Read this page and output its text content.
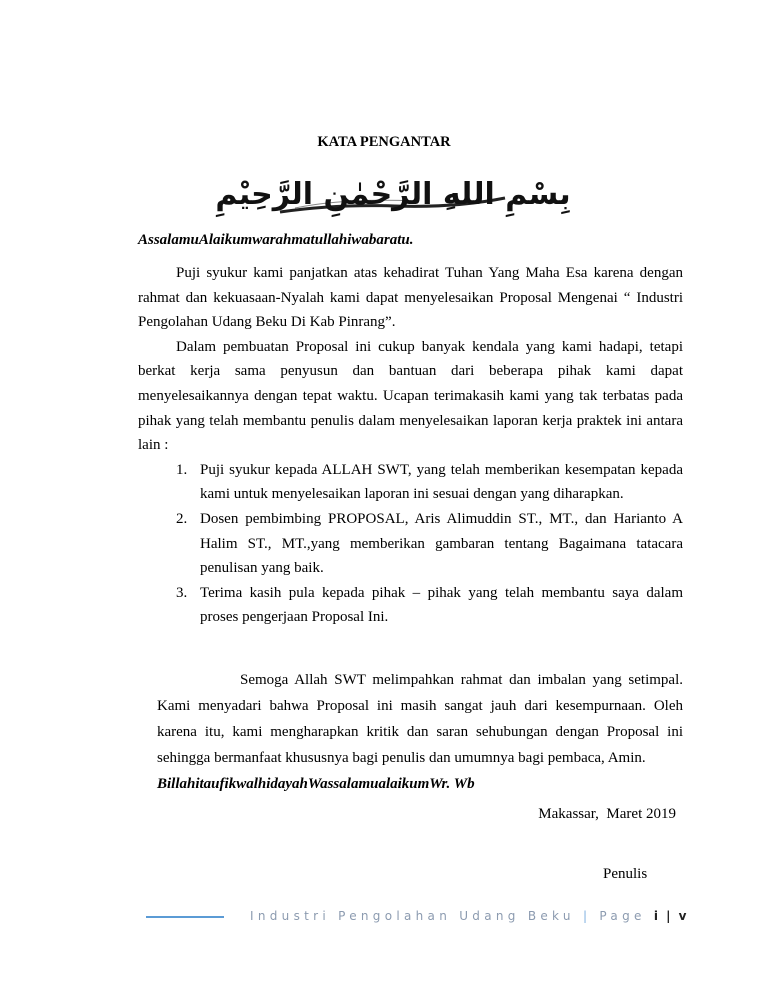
KATA PENGANTAR
بِسْمِ اللهِ الرَّحْمٰنِ الرَّحِيْمِ
AssalamuAlaikumwarahmatullahiwabaratu.

Puji syukur kami panjatkan atas kehadirat Tuhan Yang Maha Esa karena dengan rahmat dan kekuasaan-Nyalah kami dapat menyelesaikan Proposal Mengenai “ Industri Pengolahan Udang Beku Di Kab Pinrang”.

Dalam pembuatan Proposal ini cukup banyak kendala yang kami hadapi, tetapi berkat kerja sama penyusun dan bantuan dari beberapa pihak kami dapat menyelesaikannya dengan tepat waktu. Ucapan terimakasih kami yang tak terbatas pada pihak yang telah membantu penulis dalam menyelesaikan laporan kerja praktek ini antara lain :

1. Puji syukur kepada ALLAH SWT, yang telah memberikan kesempatan kepada kami untuk menyelesaikan laporan ini sesuai dengan yang diharapkan.
2. Dosen pembimbing PROPOSAL, Aris Alimuddin ST., MT., dan Harianto A Halim ST., MT.,yang memberikan gambaran tentang Bagaimana tatacara penulisan yang baik.
3. Terima kasih pula kepada pihak – pihak yang telah membantu saya dalam proses pengerjaan Proposal Ini.

Semoga Allah SWT melimpahkan rahmat dan imbalan yang setimpal. Kami menyadari bahwa Proposal ini masih sangat jauh dari kesempurnaan. Oleh karena itu, kami mengharapkan kritik dan saran sehubungan dengan Proposal ini sehingga bermanfaat khususnya bagi penulis dan umumnya bagi pembaca, Amin.

BillahitaufikwalhidayahWassalamualaikumWr. Wb
Makassar,  Maret 2019
Penulis
Industri Pengolahan Udang Beku | Page i | v
